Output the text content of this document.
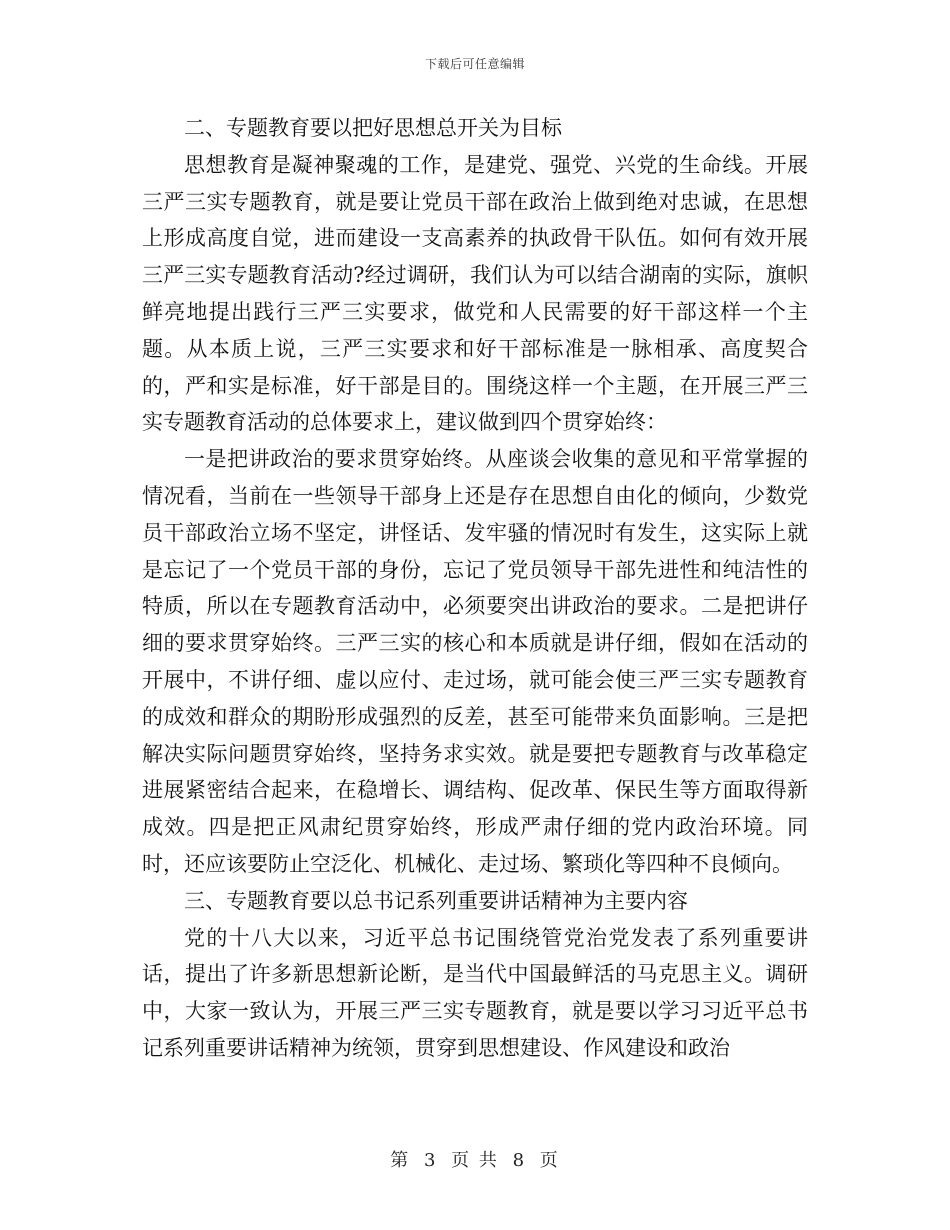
下载后可任意编辑

二、专题教育要以把好思想总开关为目标

思想教育是凝神聚魂的工作，是建党、强党、兴党的生命线。开展三严三实专题教育，就是要让党员干部在政治上做到绝对忠诚，在思想上形成高度自觉，进而建设一支高素养的执政骨干队伍。如何有效开展三严三实专题教育活动?经过调研，我们认为可以结合湖南的实际，旗帜鲜亮地提出践行三严三实要求，做党和人民需要的好干部这样一个主题。从本质上说，三严三实要求和好干部标准是一脉相承、高度契合的，严和实是标准，好干部是目的。围绕这样一个主题，在开展三严三实专题教育活动的总体要求上，建议做到四个贯穿始终：

一是把讲政治的要求贯穿始终。从座谈会收集的意见和平常掌握的情况看，当前在一些领导干部身上还是存在思想自由化的倾向，少数党员干部政治立场不坚定，讲怪话、发牢骚的情况时有发生，这实际上就是忘记了一个党员干部的身份，忘记了党员领导干部先进性和纯洁性的特质，所以在专题教育活动中，必须要突出讲政治的要求。二是把讲仔细的要求贯穿始终。三严三实的核心和本质就是讲仔细，假如在活动的开展中，不讲仔细、虚以应付、走过场，就可能会使三严三实专题教育的成效和群众的期盼形成强烈的反差，甚至可能带来负面影响。三是把解决实际问题贯穿始终，坚持务求实效。就是要把专题教育与改革稳定进展紧密结合起来，在稳增长、调结构、促改革、保民生等方面取得新成效。四是把正风肃纪贯穿始终，形成严肃仔细的党内政治环境。同时，还应该要防止空泛化、机械化、走过场、繁琐化等四种不良倾向。

三、专题教育要以总书记系列重要讲话精神为主要内容

党的十八大以来，习近平总书记围绕管党治党发表了系列重要讲话，提出了许多新思想新论断，是当代中国最鲜活的马克思主义。调研中，大家一致认为，开展三严三实专题教育，就是要以学习习近平总书记系列重要讲话精神为统领，贯穿到思想建设、作风建设和政治

第 3 页 共 8 页
